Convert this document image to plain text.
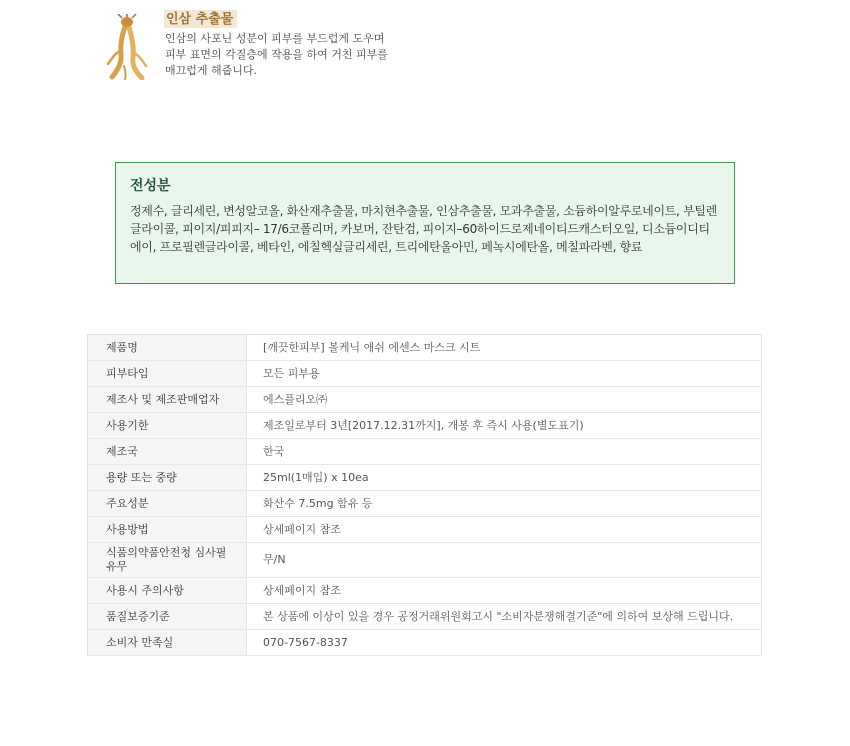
인삼 추출물
인삼의 사포닌 성분이 피부를 부드럽게 도우며 피부 표면의 각질층에 작용을 하여 거친 피부를 매끄럽게 해줍니다.
전성분
정제수, 글리세린, 변성알코올, 화산재추출물, 마치현추출물, 인삼추출물, 모과추출물, 소듐하이알루로네이트, 부틸렌글라이콜, 피이지/피피지– 17/6코폴리머, 카보머, 잔탄검, 피이지–60하이드로제네이티드캐스터오일, 디소듐이디티에이, 프로필렌글라이콜, 베타인, 에칠헥실글리세린, 트리에탄올아민, 페녹시에탄올, 메칠파라벤, 향료
제품명	[깨끗한피부] 볼케닉 애쉬 에센스 마스크 시트
피부타입	모든 피부용
제조사 및 제조판매업자	에스플리오㈜
사용기한	제조일로부터 3년[2017.12.31까지], 개봉 후 즉시 사용(별도표기)
제조국	한국
용량 또는 중량	25ml(1매입) x 10ea
주요성분	화산수 7.5mg 함유 등
사용방법	상세페이지 참조
식품의약품안전청 심사필 유무	무/N
사용시 주의사항	상세페이지 참조
품질보증기준	본 상품에 이상이 있을 경우 공정거래위원회고시 "소비자분쟁해결기준"에 의하여 보상해 드립니다.
소비자 만족실	070-7567-8337
